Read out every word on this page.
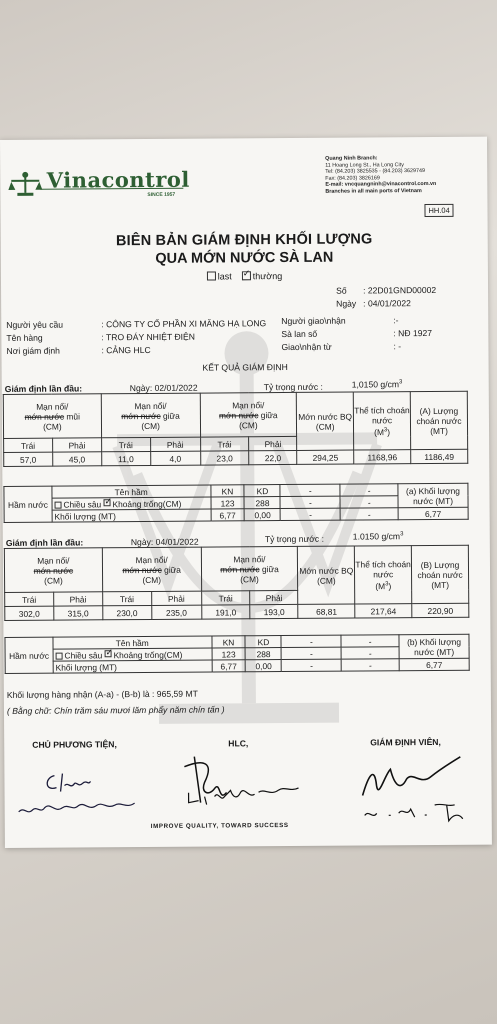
Vinacontrol
SINCE 1957
Quang Ninh Branch:
11 Hoang Long St., Ha Long City
Tel: (84.203) 3825535 - (84.203) 3629749
Fax: (84.203) 3826169
E-mail: vncquangninh@vinacontrol.com.vn
Branches in all main ports of Vietnam
HH.04
BIÊN BẢN GIÁM ĐỊNH KHỐI LƯỢNG
QUA MỚN NƯỚC SÀ LAN
last ✓ thường
Số : 22D01GND00002
Ngày : 04/01/2022
Người yêu cầu	: CÔNG TY CỔ PHẦN XI MĂNG HẠ LONG
Tên hàng	: TRO ĐÁY NHIỆT ĐIỆN
Nơi giám định	: CẢNG HLC
Người giao\nhận	:-
Sà lan số	: NĐ 1927
Giao\nhận từ	: -
KẾT QUẢ GIÁM ĐỊNH
Giám định lần đầu:	Ngày: 02/01/2022	Tỷ trọng nước :	1,0150 $g/cm^3$
Mạn nổi/
mớn nước mũi
(CM)		Mạn nổi/
mớn nước giữa
(CM)		Mạn nổi/
mớn nước giữa
(CM)		Mớn nước BQ (CM)	Thể tích choán nước
$(M^3)$	(A) Lượng choán nước (MT)
Trái	Phải	Trái	Phải	Trái	Phải			
57,0	45,0	11,0	4,0	23,0	22,0	294,25	1168,96	1186,49
Hầm nước	Tên hầm	KN	KD	-	-	(a) Khối lượng nước (MT)
	Chiều sâu ✓ Khoảng trống(CM)	123	288	-	-	
	Khối lượng (MT)	6,77	0,00	-	-	6,77
Giám định lần đầu:	Ngày: 04/01/2022	Tỷ trọng nước :	1.0150 $g/cm^3$
Mạn nổi/
mớn nước
(CM)		Mạn nổi/
mớn nước giữa
(CM)		Mạn nổi/
mớn nước giữa
(CM)		Mớn nước BQ (CM)	Thể tích choán nước
$(M^3)$	(B) Lượng choán nước (MT)
Trái	Phải	Trái	Phải	Trái	Phải			
302,0	315,0	230,0	235,0	191,0	193,0	68,81	217,64	220,90
Hầm nước	Tên hầm	KN	KD	-	-	(b) Khối lượng nước (MT)
	Chiều sâu ✓ Khoảng trống(CM)	123	288	-	-	
	Khối lượng (MT)	6,77	0,00	-	-	6,77
Khối lượng hàng nhận (A-a) - (B-b) là : 965,59 MT
( Bằng chữ: Chín trăm sáu mươi lăm phẩy năm chín tấn )
CHỦ PHƯƠNG TIỆN,	HLC,	GIÁM ĐỊNH VIÊN,
IMPROVE QUALITY, TOWARD SUCCESS
